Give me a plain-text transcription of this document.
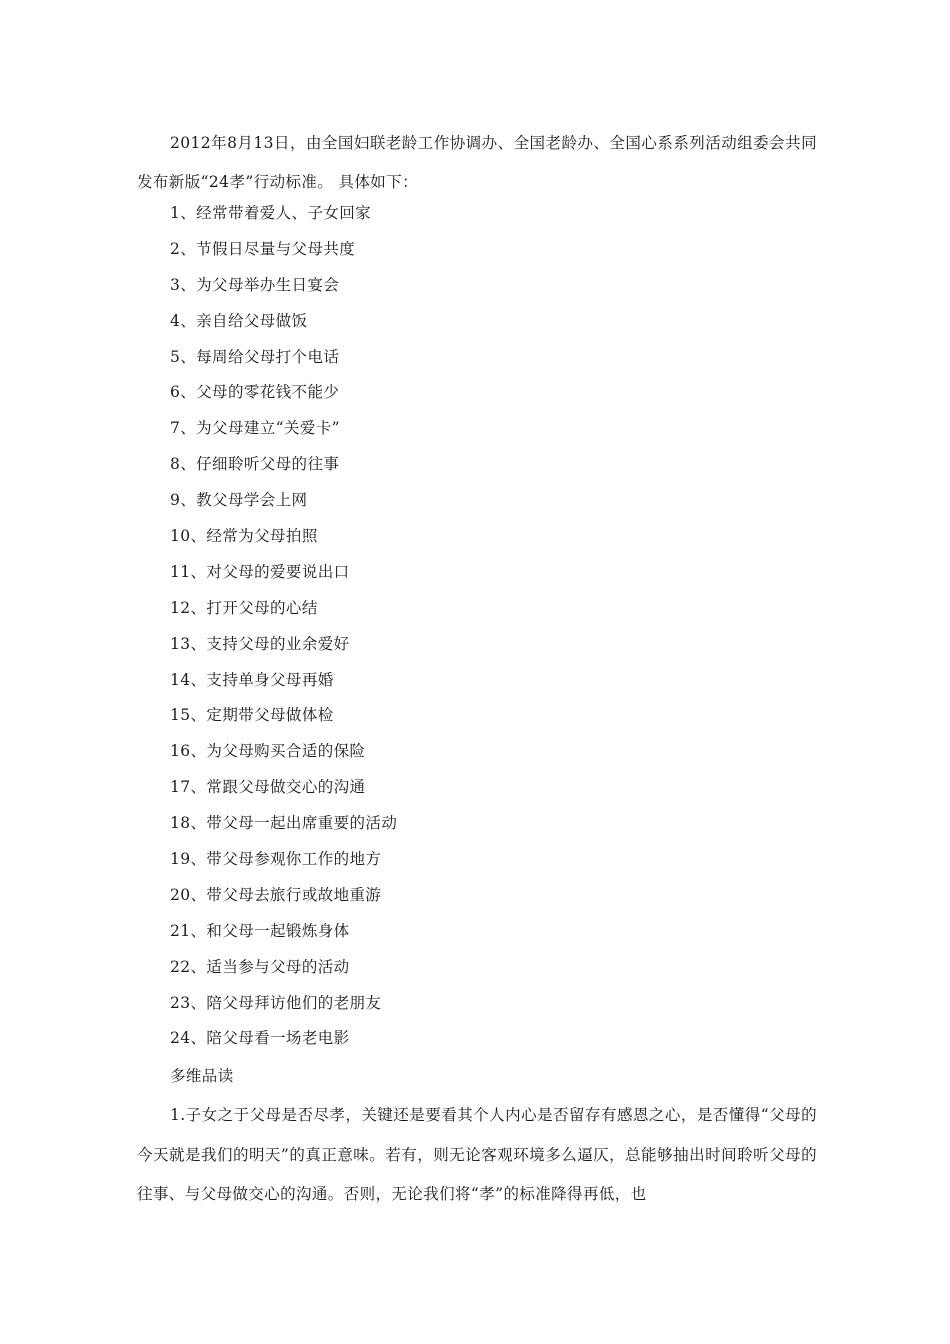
2012年8月13日，由全国妇联老龄工作协调办、全国老龄办、全国心系系列活动组委会共同发布新版“24孝”行动标准。 具体如下：
1、经常带着爱人、子女回家
2、节假日尽量与父母共度
3、为父母举办生日宴会
4、亲自给父母做饭
5、每周给父母打个电话
6、父母的零花钱不能少
7、为父母建立“关爱卡”
8、仔细聆听父母的往事
9、教父母学会上网
10、经常为父母拍照
11、对父母的爱要说出口
12、打开父母的心结
13、支持父母的业余爱好
14、支持单身父母再婚
15、定期带父母做体检
16、为父母购买合适的保险
17、常跟父母做交心的沟通
18、带父母一起出席重要的活动
19、带父母参观你工作的地方
20、带父母去旅行或故地重游
21、和父母一起锻炼身体
22、适当参与父母的活动
23、陪父母拜访他们的老朋友
24、陪父母看一场老电影
多维品读
1.子女之于父母是否尽孝，关键还是要看其个人内心是否留存有感恩之心，是否懂得“父母的今天就是我们的明天”的真正意味。若有，则无论客观环境多么逼仄，总能够抽出时间聆听父母的往事、与父母做交心的沟通。否则，无论我们将“孝”的标准降得再低，也
